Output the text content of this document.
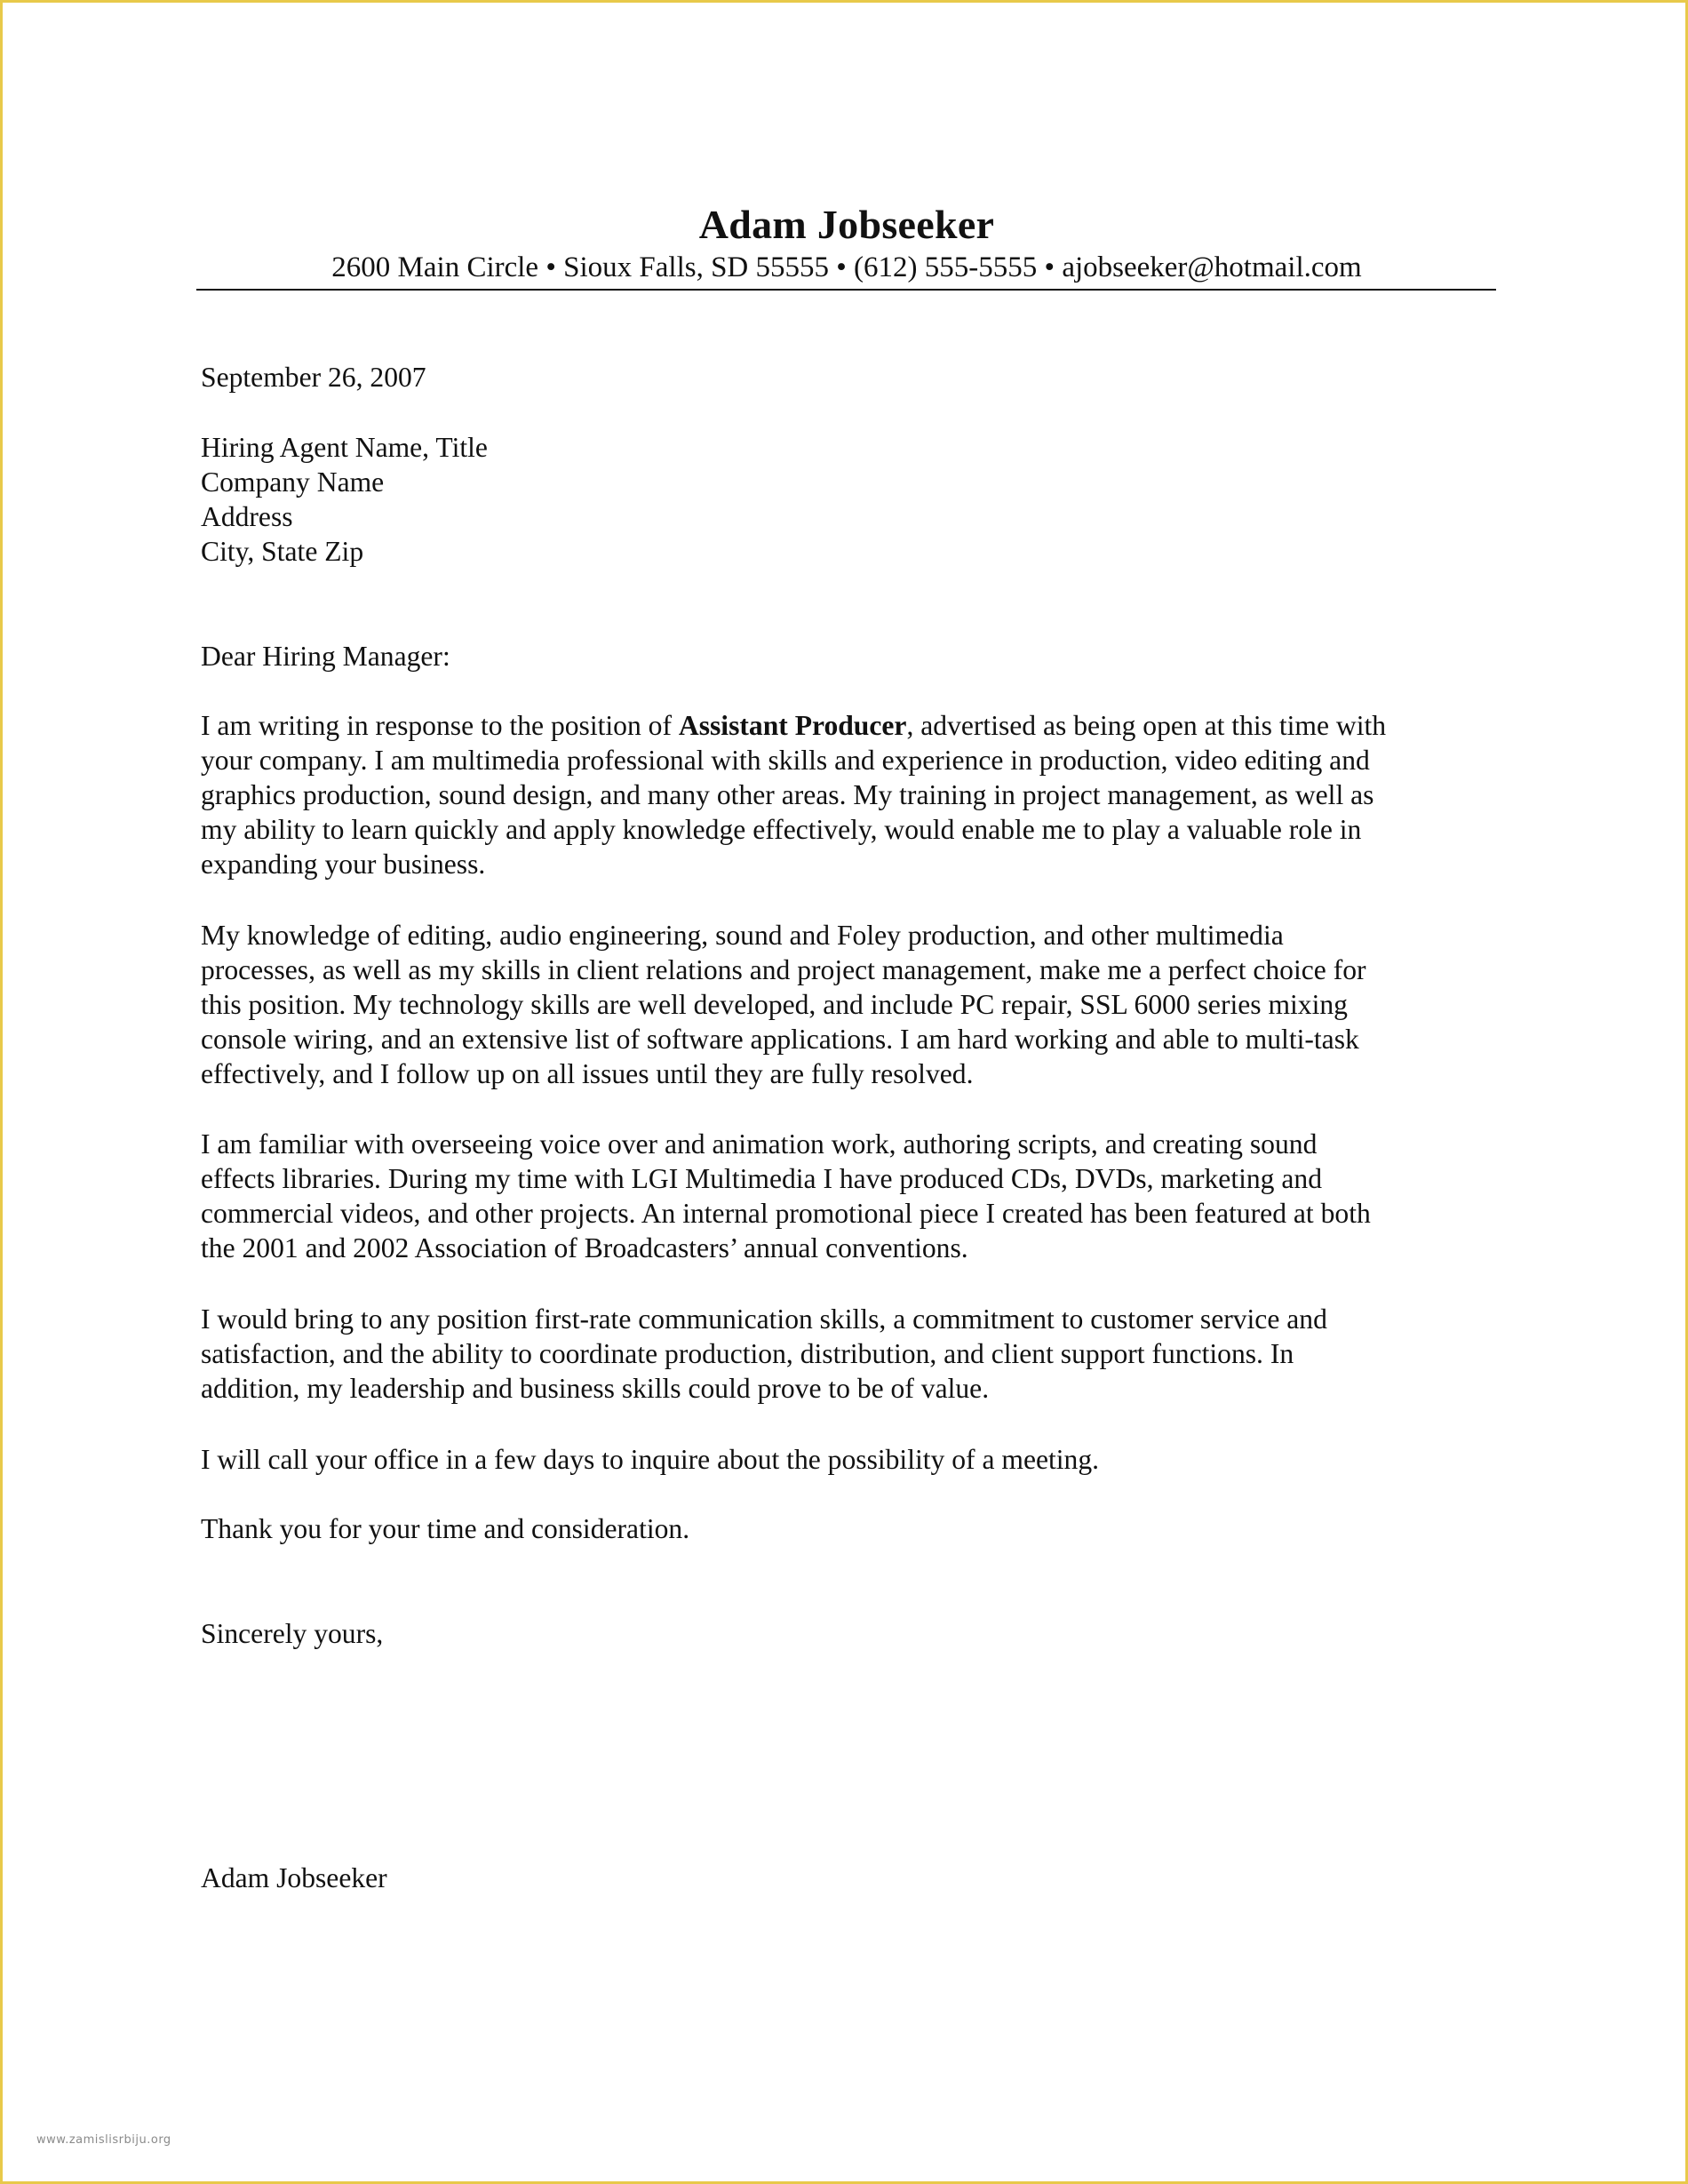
Adam Jobseeker
2600 Main Circle • Sioux Falls, SD 55555 • (612) 555-5555 • ajobseeker@hotmail.com
September 26, 2007
Hiring Agent Name, Title
Company Name
Address
City, State Zip
Dear Hiring Manager:
I am writing in response to the position of Assistant Producer, advertised as being open at this time with
your company. I am multimedia professional with skills and experience in production, video editing and
graphics production, sound design, and many other areas. My training in project management, as well as
my ability to learn quickly and apply knowledge effectively, would enable me to play a valuable role in
expanding your business.
My knowledge of editing, audio engineering, sound and Foley production, and other multimedia
processes, as well as my skills in client relations and project management, make me a perfect choice for
this position. My technology skills are well developed, and include PC repair, SSL 6000 series mixing
console wiring, and an extensive list of software applications. I am hard working and able to multi-task
effectively, and I follow up on all issues until they are fully resolved.
I am familiar with overseeing voice over and animation work, authoring scripts, and creating sound
effects libraries. During my time with LGI Multimedia I have produced CDs, DVDs, marketing and
commercial videos, and other projects. An internal promotional piece I created has been featured at both
the 2001 and 2002 Association of Broadcasters’ annual conventions.
I would bring to any position first-rate communication skills, a commitment to customer service and
satisfaction, and the ability to coordinate production, distribution, and client support functions. In
addition, my leadership and business skills could prove to be of value.
I will call your office in a few days to inquire about the possibility of a meeting.
Thank you for your time and consideration.
Sincerely yours,
Adam Jobseeker
www.zamislisrbiju.org
